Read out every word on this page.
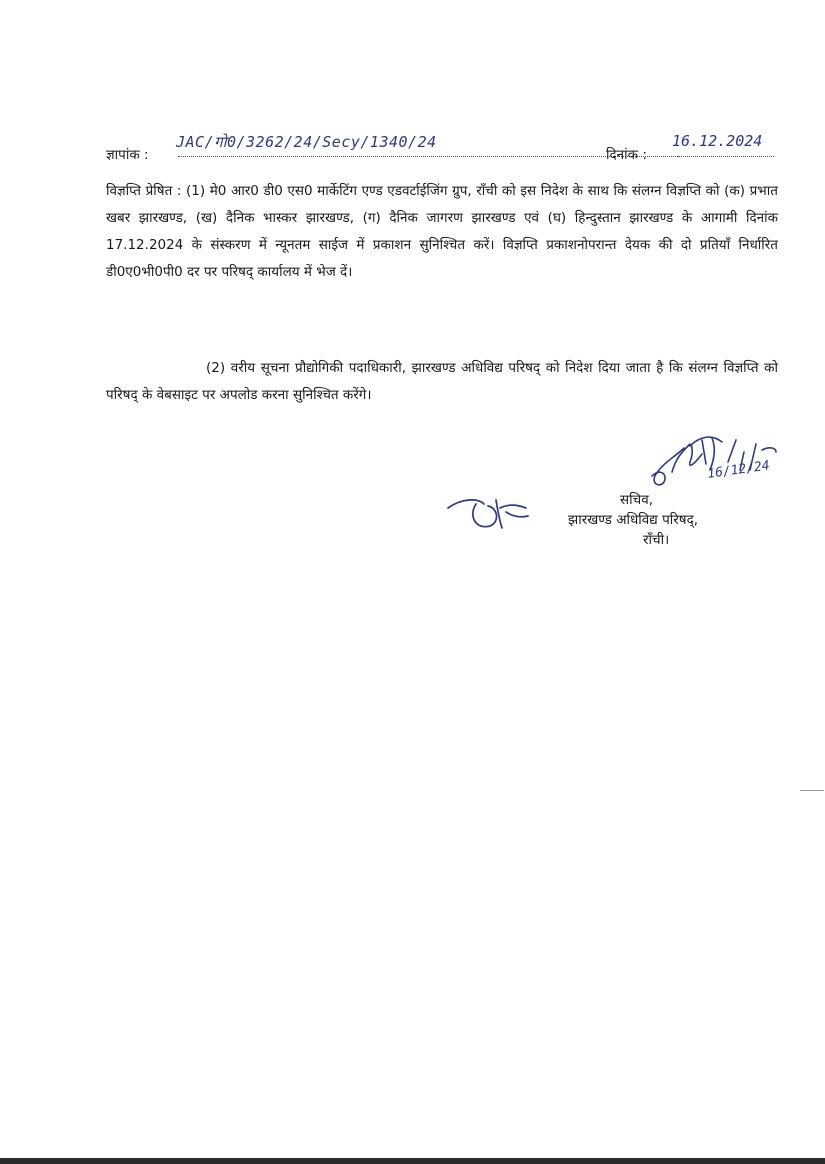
ज्ञापांक :
JAC/गो0/3262/24/Secy/1340/24
दिनांक :
16.12.2024
विज्ञप्ति प्रेषित : (1) मे0 आर0 डी0 एस0 मार्केटिंग एण्ड एडवर्टाईजिंग ग्रुप, राँची को इस निदेश के साथ कि संलग्न विज्ञप्ति को (क) प्रभात खबर झारखण्ड, (ख) दैनिक भास्कर झारखण्ड, (ग) दैनिक जागरण झारखण्ड एवं (घ) हिन्दुस्तान झारखण्ड के आगामी दिनांक 17.12.2024 के संस्करण में न्यूनतम साईज में प्रकाशन सुनिश्चित करें। विज्ञप्ति प्रकाशनोपरान्त देयक की दो प्रतियाँ निर्धारित डी0ए0भी0पी0 दर पर परिषद् कार्यालय में भेज दें।
(2) वरीय सूचना प्रौद्योगिकी पदाधिकारी, झारखण्ड अधिविद्य परिषद् को निदेश दिया जाता है कि संलग्न विज्ञप्ति को परिषद् के वेबसाइट पर अपलोड करना सुनिश्चित करेंगे।
16/12/24
सचिव,
झारखण्ड अधिविद्य परिषद्,
राँची।
